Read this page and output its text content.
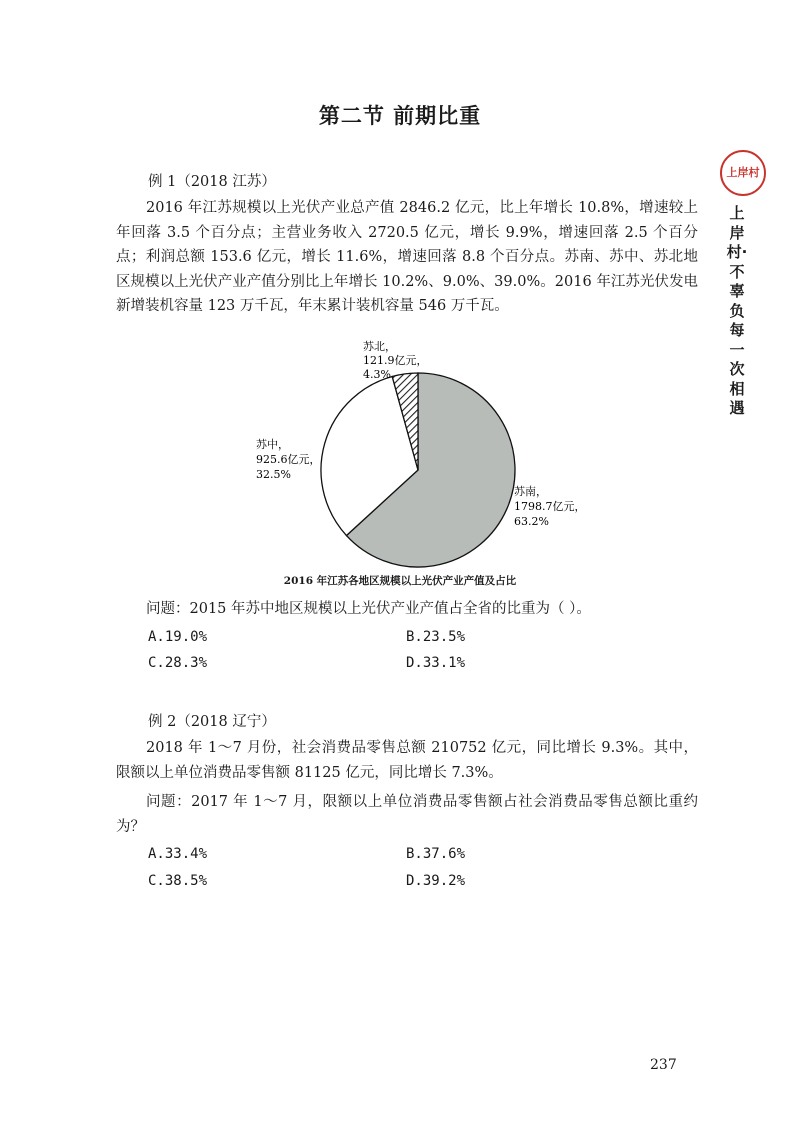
第二节 前期比重
上岸村
上岸村·不辜负每一次相遇
例 1（2018 江苏）
2016 年江苏规模以上光伏产业总产值 2846.2 亿元，比上年增长 10.8%，增速较上年回落 3.5 个百分点；主营业务收入 2720.5 亿元，增长 9.9%，增速回落 2.5 个百分点；利润总额 153.6 亿元，增长 11.6%，增速回落 8.8 个百分点。苏南、苏中、苏北地区规模以上光伏产业产值分别比上年增长 10.2%、9.0%、39.0%。2016 年江苏光伏发电新增装机容量 123 万千瓦，年末累计装机容量 546 万千瓦。
苏北，
121.9亿元，
4.3%
苏中，
925.6亿元，
32.5%
苏南，
1798.7亿元，
63.2%
2016 年江苏各地区规模以上光伏产业产值及占比
问题：2015 年苏中地区规模以上光伏产业产值占全省的比重为（ ）。
A.19.0%	B.23.5%
C.28.3%	D.33.1%
例 2（2018 辽宁）
2018 年 1～7 月份，社会消费品零售总额 210752 亿元，同比增长 9.3%。其中，限额以上单位消费品零售额 81125 亿元，同比增长 7.3%。
问题：2017 年 1～7 月，限额以上单位消费品零售额占社会消费品零售总额比重约为？
A.33.4%	B.37.6%
C.38.5%	D.39.2%
237
